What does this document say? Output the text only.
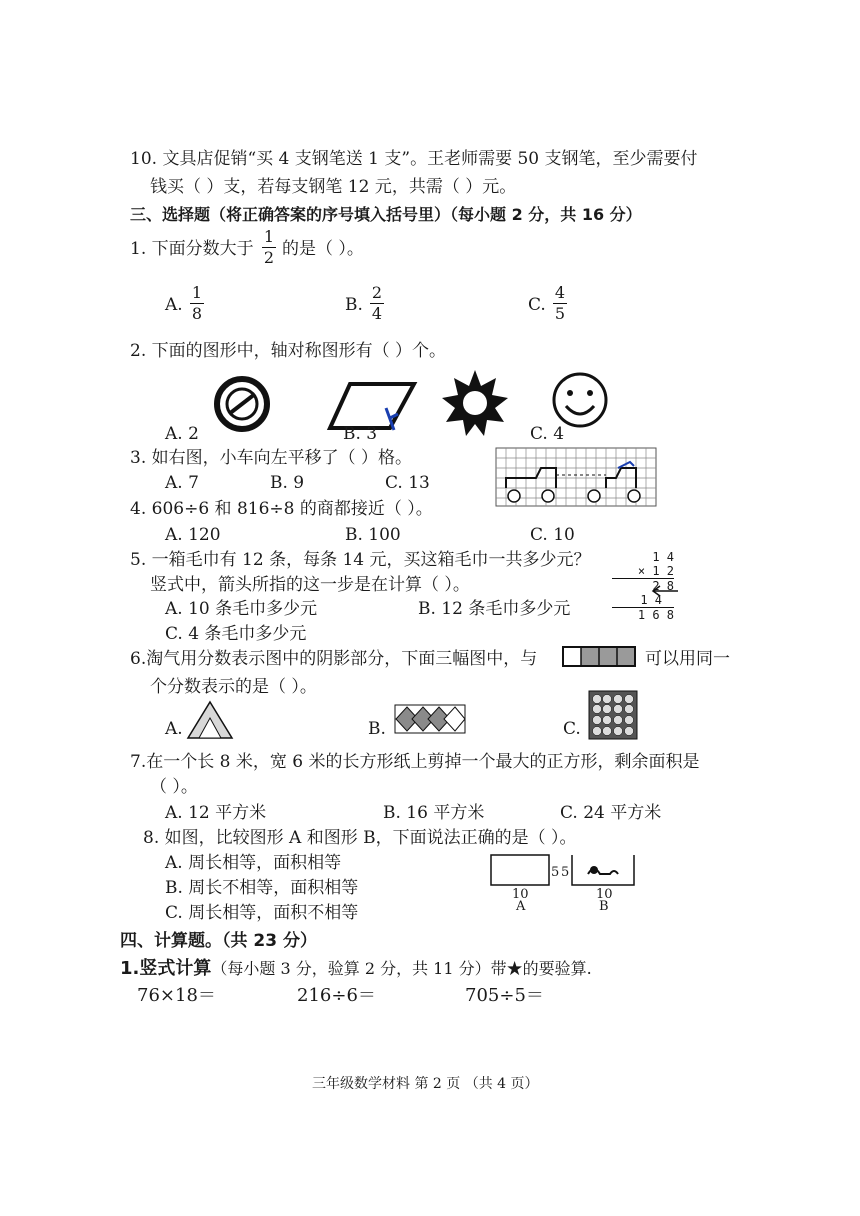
10. 文具店促销“买 4 支钢笔送 1 支”。王老师需要 50 支钢笔，至少需要付
钱买（ ）支，若每支钢笔 12 元，共需（ ）元。
三、选择题（将正确答案的序号填入括号里）（每小题 2 分，共 16 分）
1. 下面分数大于
1
2 的是（ ）。
A.
1
8	B.
2
4	C.
4
5
2. 下面的图形中，轴对称图形有（ ）个。
A. 2	B. 3	C. 4
3. 如右图，小车向左平移了（ ）格。
A. 7	B. 9	C. 13
4. 606÷6 和 816÷8 的商都接近（ ）。
A. 120	B. 100	C. 10
5. 一箱毛巾有 12 条，每条 14 元，买这箱毛巾一共多少元？
竖式中，箭头所指的这一步是在计算（ ）。
A. 10 条毛巾多少元	B. 12 条毛巾多少元
C. 4 条毛巾多少元
1 4
× 1 2
2 8
1 4
1 6 8
6.淘气用分数表示图中的阴影部分，下面三幅图中，与	可以用同一
个分数表示的是（ ）。
A.	B.	C.
7.在一个长 8 米，宽 6 米的长方形纸上剪掉一个最大的正方形，剩余面积是
（ ）。
A. 12 平方米	B. 16 平方米	C. 24 平方米
8. 如图，比较图形 A 和图形 B，下面说法正确的是（ ）。
A. 周长相等，面积相等
B. 周长不相等，面积相等
C. 周长相等，面积不相等
5
10
A
5
10
B
四、计算题。（共 23 分）
1.竖式计算（每小题 3 分，验算 2 分，共 11 分）带★的要验算.
76×18＝	216÷6＝	705÷5＝
三年级数学材料 第 2 页 （共 4 页）
